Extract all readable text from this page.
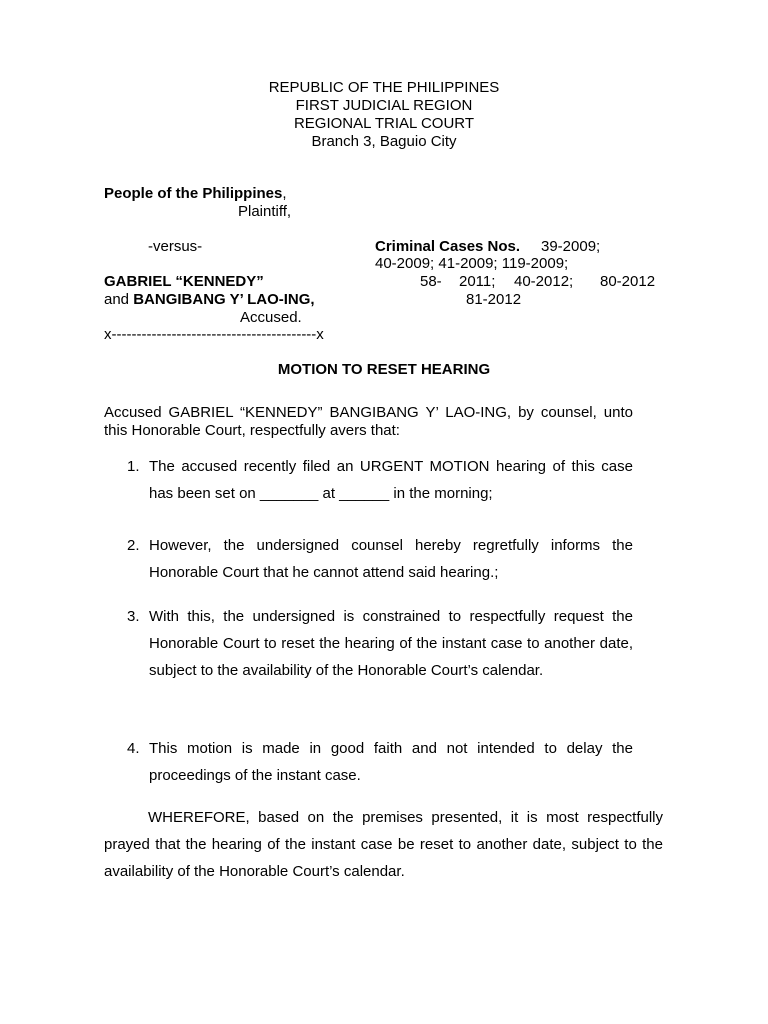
REPUBLIC OF THE PHILIPPINES
FIRST JUDICIAL REGION
REGIONAL TRIAL COURT
Branch 3, Baguio City
People of the Philippines,
Plaintiff,
-versus-	Criminal Cases Nos. 39-2009;
40-2009; 41-2009; 119-2009;
58- 2011; 40-2012; 80-2012
81-2012
GABRIEL “KENNEDY”
and BANGIBANG Y’ LAO-ING,
Accused.
x-----------------------------------------x
MOTION TO RESET HEARING
Accused GABRIEL “KENNEDY” BANGIBANG Y’ LAO-ING, by counsel, unto this Honorable Court, respectfully avers that:
1. The accused recently filed an URGENT MOTION hearing of this case has been set on _______ at ______ in the morning;
2. However, the undersigned counsel hereby regretfully informs the Honorable Court that he cannot attend said hearing.;
3. With this, the undersigned is constrained to respectfully request the Honorable Court to reset the hearing of the instant case to another date, subject to the availability of the Honorable Court’s calendar.
4. This motion is made in good faith and not intended to delay the proceedings of the instant case.
WHEREFORE, based on the premises presented, it is most respectfully prayed that the hearing of the instant case be reset to another date, subject to the availability of the Honorable Court’s calendar.
